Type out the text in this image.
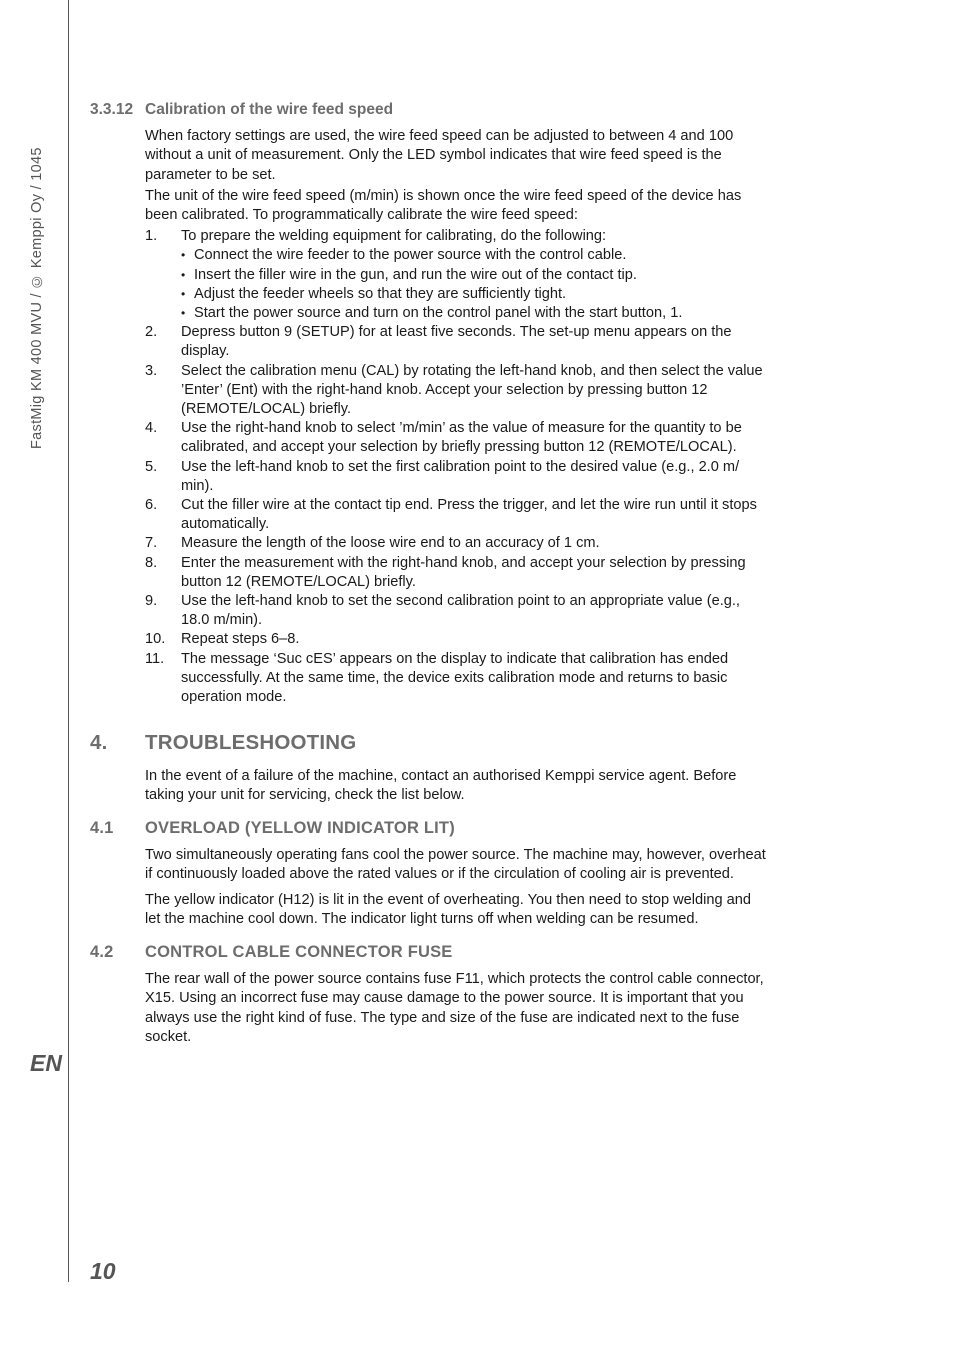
FastMig KM 400 MVU / © Kemppi Oy / 1045
EN
10
3.3.12 Calibration of the wire feed speed
When factory settings are used, the wire feed speed can be adjusted to between 4 and 100 without a unit of measurement. Only the LED symbol indicates that wire feed speed is the parameter to be set.
The unit of the wire feed speed (m/min) is shown once the wire feed speed of the device has been calibrated. To programmatically calibrate the wire feed speed:
1.	To prepare the welding equipment for calibrating, do the following:
• Connect the wire feeder to the power source with the control cable.
• Insert the filler wire in the gun, and run the wire out of the contact tip.
• Adjust the feeder wheels so that they are sufficiently tight.
• Start the power source and turn on the control panel with the start button, 1.
2.	Depress button 9 (SETUP) for at least five seconds. The set-up menu appears on the display.
3.	Select the calibration menu (CAL) by rotating the left-hand knob, and then select the value ’Enter’ (Ent) with the right-hand knob. Accept your selection by pressing button 12 (REMOTE/LOCAL) briefly.
4.	Use the right-hand knob to select ’m/min’ as the value of measure for the quantity to be calibrated, and accept your selection by briefly pressing button 12 (REMOTE/LOCAL).
5.	Use the left-hand knob to set the first calibration point to the desired value (e.g., 2.0 m/ min).
6.	Cut the filler wire at the contact tip end. Press the trigger, and let the wire run until it stops automatically.
7.	Measure the length of the loose wire end to an accuracy of 1 cm.
8.	Enter the measurement with the right-hand knob, and accept your selection by pressing button 12 (REMOTE/LOCAL) briefly.
9.	Use the left-hand knob to set the second calibration point to an appropriate value (e.g., 18.0 m/min).
10.	Repeat steps 6–8.
11.	The message ‘Suc cES’ appears on the display to indicate that calibration has ended successfully. At the same time, the device exits calibration mode and returns to basic operation mode.
4.	TROUBLESHOOTING
In the event of a failure of the machine, contact an authorised Kemppi service agent. Before taking your unit for servicing, check the list below.
4.1	OVERLOAD (YELLOW INDICATOR LIT)
Two simultaneously operating fans cool the power source. The machine may, however, overheat if continuously loaded above the rated values or if the circulation of cooling air is prevented.
The yellow indicator (H12) is lit in the event of overheating. You then need to stop welding and let the machine cool down. The indicator light turns off when welding can be resumed.
4.2	CONTROL CABLE CONNECTOR FUSE
The rear wall of the power source contains fuse F11, which protects the control cable connector, X15. Using an incorrect fuse may cause damage to the power source. It is important that you always use the right kind of fuse. The type and size of the fuse are indicated next to the fuse socket.
